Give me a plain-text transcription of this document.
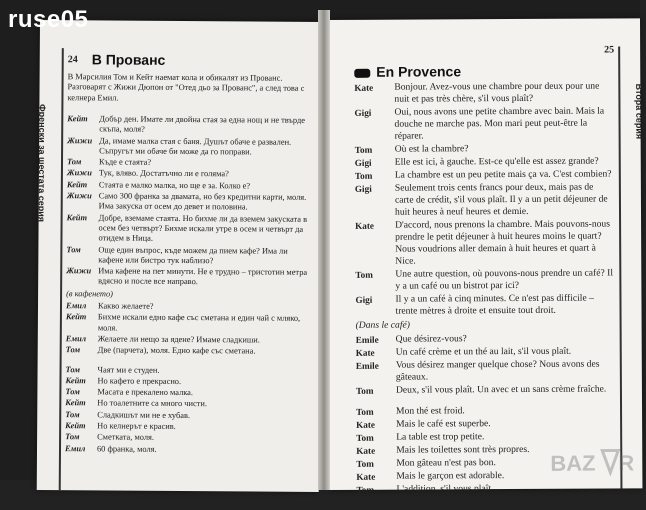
ruse05
Френски за шестата серия
24 В Прованс
В Марсилия Том и Кейт наемат кола и обикалят из Прованс. Разговарят с Жижи Дюпон от "Отед дьо за Прованс", а след това с келнера Емил.
Кейт	Добър ден. Имате ли двойна стая за една нощ и не твърде скъпа, моля?
Жижи Да, имаме малка стая с баня. Душът обаче е развален. Съпругът ми обаче би може да го поправи.
Том	Къде е стаята?
Жижи Тук, вляво. Достатъчно ли е голяма?
Кейт	Стаята е малко малка, но ще е за. Колко е?
Жижи Само 300 франка за двамата, но без кредитни карти, моля. Има закуска от осем до девет и половина.
Кейт	Добре, вземаме стаята. Но бихме ли да вземем закуската в осем без четвърт? Бихме искали утре в осем и четвърт да отидем в Ница.
Том	Още един въпрос, къде можем да пием кафе? Има ли кафене или бистро тук наблизо?
Жижи Има кафене на пет минути. Не е трудно – тристотин метра вдясно и после все направо.
(в кафенето)
Емил	Какво желаете?
Кейт	Бихме искали едно кафе със сметана и един чай с мляко, моля.
Емил	Желаете ли нещо за ядене? Имаме сладкиши.
Том	Две (парчета), моля. Едно кафе със сметана.
Том	Чаят ми е студен.
Кейт	Но кафето е прекрасно.
Том	Масата е прекалено малка.
Кейт	Но тоалетните са много чисти.
Том	Сладкишът ми не е хубав.
Кейт	Но келнерът е красив.
Том	Сметката, моля.
Емил	60 франка, моля.
Втора серия
25
En Provence
Kate	Bonjour. Avez-vous une chambre pour deux pour une nuit et pas très chère, s'il vous plaît?
Gigi	Oui, nous avons une petite chambre avec bain. Mais la douche ne marche pas. Mon mari peut peut-être la réparer.
Tom	Où est la chambre?
Gigi	Elle est ici, à gauche. Est-ce qu'elle est assez grande?
Tom	La chambre est un peu petite mais ça va. C'est combien?
Gigi	Seulement trois cents francs pour deux, mais pas de carte de crédit, s'il vous plaît. Il y a un petit déjeuner de huit heures à neuf heures et demie.
Kate	D'accord, nous prenons la chambre. Mais pouvons-nous prendre le petit déjeuner à huit heures moins le quart? Nous voudrions aller demain à huit heures et quart à Nice.
Tom	Une autre question, où pouvons-nous prendre un café? Il y a un café ou un bistrot par ici?
Gigi	Il y a un café à cinq minutes. Ce n'est pas difficile – trente mètres à droite et ensuite tout droit.
(Dans le café)
Emile	Que désirez-vous?
Kate	Un café crème et un thé au lait, s'il vous plaît.
Emile	Vous désirez manger quelque chose? Nous avons des gâteaux.
Tom	Deux, s'il vous plaît. Un avec et un sans crème fraîche.
Tom	Mon thé est froid.
Kate	Mais le café est superbe.
Tom	La table est trop petite.
Kate	Mais les toilettes sont très propres.
Tom	Mon gâteau n'est pas bon.
Kate	Mais le garçon est adorable.
Tom	L'addition, s'il vous plaît.
Emile	Soixante francs, s'il vous plaît.
BAZ R
